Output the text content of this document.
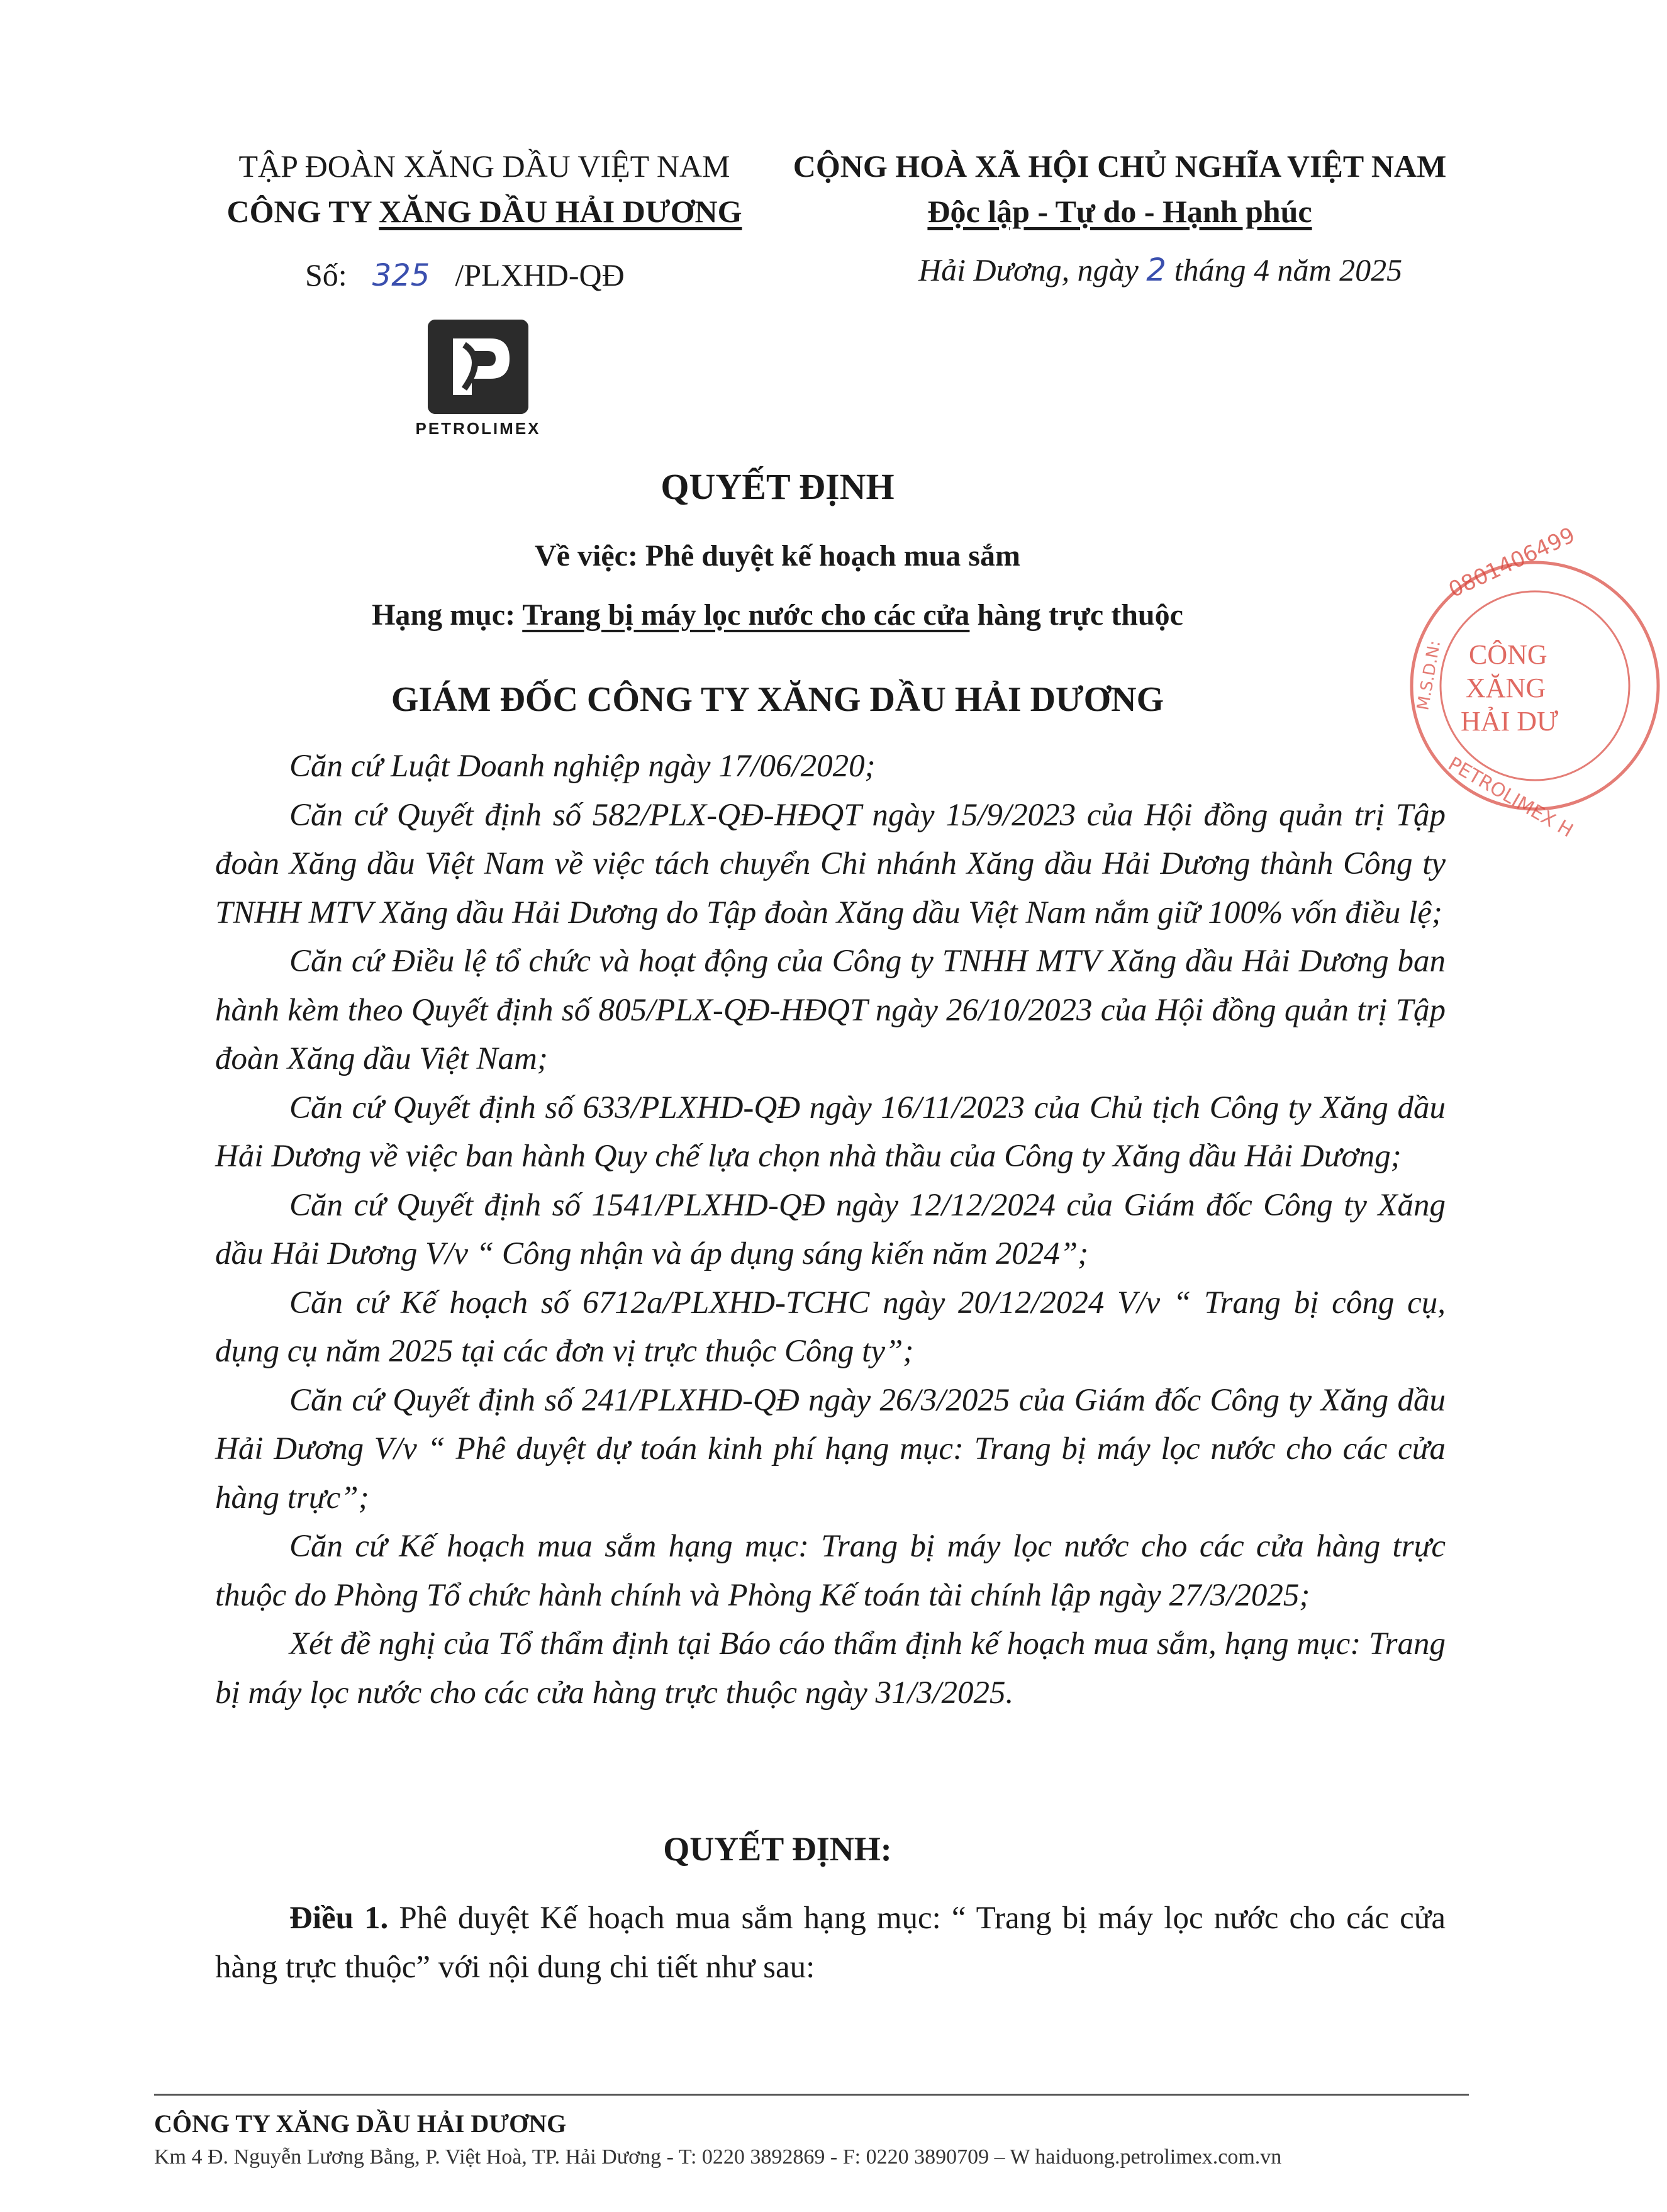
TẬP ĐOÀN XĂNG DẦU VIỆT NAM
CÔNG TY XĂNG DẦU HẢI DƯƠNG
CỘNG HOÀ XÃ HỘI CHỦ NGHĨA VIỆT NAM
Độc lập - Tự do - Hạnh phúc
Số: 325 /PLXHD-QĐ	Hải Dương, ngày 2 tháng 4 năm 2025
PETROLIMEX
0801406499
CÔNG
XĂNG
HẢI DƯ
M.S.D.N:
PETROLIMEX H
QUYẾT ĐỊNH
Về việc: Phê duyệt kế hoạch mua sắm
Hạng mục: Trang bị máy lọc nước cho các cửa hàng trực thuộc
GIÁM ĐỐC CÔNG TY XĂNG DẦU HẢI DƯƠNG

Căn cứ Luật Doanh nghiệp ngày 17/06/2020;

Căn cứ Quyết định số 582/PLX-QĐ-HĐQT ngày 15/9/2023 của Hội đồng quản trị Tập đoàn Xăng dầu Việt Nam về việc tách chuyển Chi nhánh Xăng dầu Hải Dương thành Công ty TNHH MTV Xăng dầu Hải Dương do Tập đoàn Xăng dầu Việt Nam nắm giữ 100% vốn điều lệ;

Căn cứ Điều lệ tổ chức và hoạt động của Công ty TNHH MTV Xăng dầu Hải Dương ban hành kèm theo Quyết định số 805/PLX-QĐ-HĐQT ngày 26/10/2023 của Hội đồng quản trị Tập đoàn Xăng dầu Việt Nam;

Căn cứ Quyết định số 633/PLXHD-QĐ ngày 16/11/2023 của Chủ tịch Công ty Xăng dầu Hải Dương về việc ban hành Quy chế lựa chọn nhà thầu của Công ty Xăng dầu Hải Dương;

Căn cứ Quyết định số 1541/PLXHD-QĐ ngày 12/12/2024 của Giám đốc Công ty Xăng dầu Hải Dương V/v “ Công nhận và áp dụng sáng kiến năm 2024”;

Căn cứ Kế hoạch số 6712a/PLXHD-TCHC ngày 20/12/2024 V/v “ Trang bị công cụ, dụng cụ năm 2025 tại các đơn vị trực thuộc Công ty”;

Căn cứ Quyết định số 241/PLXHD-QĐ ngày 26/3/2025 của Giám đốc Công ty Xăng dầu Hải Dương V/v “ Phê duyệt dự toán kinh phí hạng mục: Trang bị máy lọc nước cho các cửa hàng trực”;

Căn cứ Kế hoạch mua sắm hạng mục: Trang bị máy lọc nước cho các cửa hàng trực thuộc do Phòng Tổ chức hành chính và Phòng Kế toán tài chính lập ngày 27/3/2025;

Xét đề nghị của Tổ thẩm định tại Báo cáo thẩm định kế hoạch mua sắm, hạng mục: Trang bị máy lọc nước cho các cửa hàng trực thuộc ngày 31/3/2025.

QUYẾT ĐỊNH:
Điều 1. Phê duyệt Kế hoạch mua sắm hạng mục: “ Trang bị máy lọc nước cho các cửa hàng trực thuộc” với nội dung chi tiết như sau:
CÔNG TY XĂNG DẦU HẢI DƯƠNG
Km 4 Đ. Nguyễn Lương Bằng, P. Việt Hoà, TP. Hải Dương - T: 0220 3892869 - F: 0220 3890709 – W haiduong.petrolimex.com.vn
